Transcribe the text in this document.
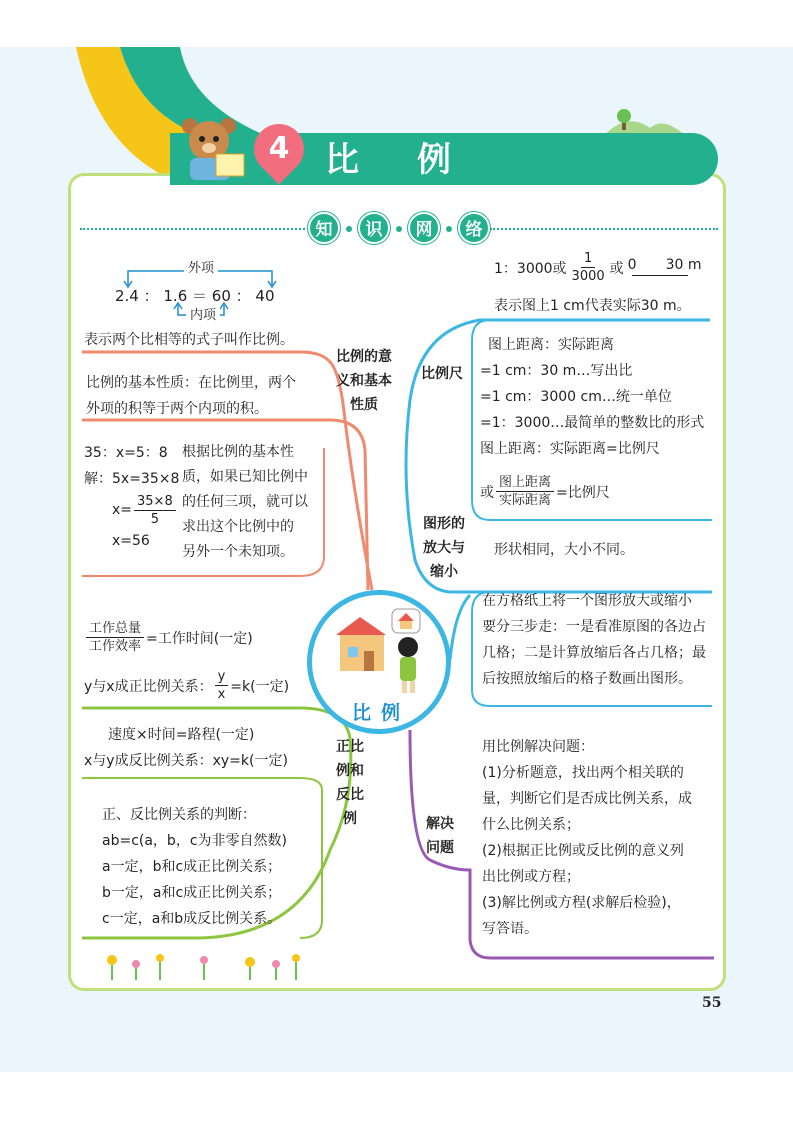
4	比例
知	识	网	络
外项
2.4 ： 1.6 ＝ 60 ： 40
内项
表示两个比相等的式子叫作比例。
比例的意
义和基本
性质
比例的基本性质：在比例里，两个
外项的积等于两个内项的积。
35：x=5：8
解：5x=35×8
$x= \frac{35\times 8}{5}$
x=56
根据比例的基本性
质，如果已知比例中
的任何三项，就可以
求出这个比例中的
另外一个未知项。
$\frac{\text{工作总量}}{\text{工作效率}}$ =工作时间(一定)
y与x成正比例关系： $\frac{y}{x} =k$(一定)
速度×时间=路程(一定)
x与y成反比例关系：xy=k(一定)
正比
例和
反比
例
正、反比例关系的判断：
ab=c(a，b，c为非零自然数)
a一定，b和c成正比例关系；
b一定，a和c成正比例关系；
c一定，a和b成反比例关系。
比例
1：3000或 $\frac{1}{3000}$ 或 0 30 m
表示图上1 cm代表实际30 m。
比例尺
图上距离：实际距离
=1 cm：30 m…写出比
=1 cm：3000 cm…统一单位
=1：3000…最简单的整数比的形式
图上距离：实际距离=比例尺
或 $\frac{\text{图上距离}}{\text{实际距离}}$ =比例尺
图形的
放大与
缩小
形状相同，大小不同。
在方格纸上将一个图形放大或缩小
要分三步走：一是看准原图的各边占
几格；二是计算放缩后各占几格；最
后按照放缩后的格子数画出图形。
解决
问题
用比例解决问题：
(1)分析题意，找出两个相关联的
量，判断它们是否成比例关系，成
什么比例关系；
(2)根据正比例或反比例的意义列
出比例或方程；
(3)解比例或方程(求解后检验)，
写答语。
55
